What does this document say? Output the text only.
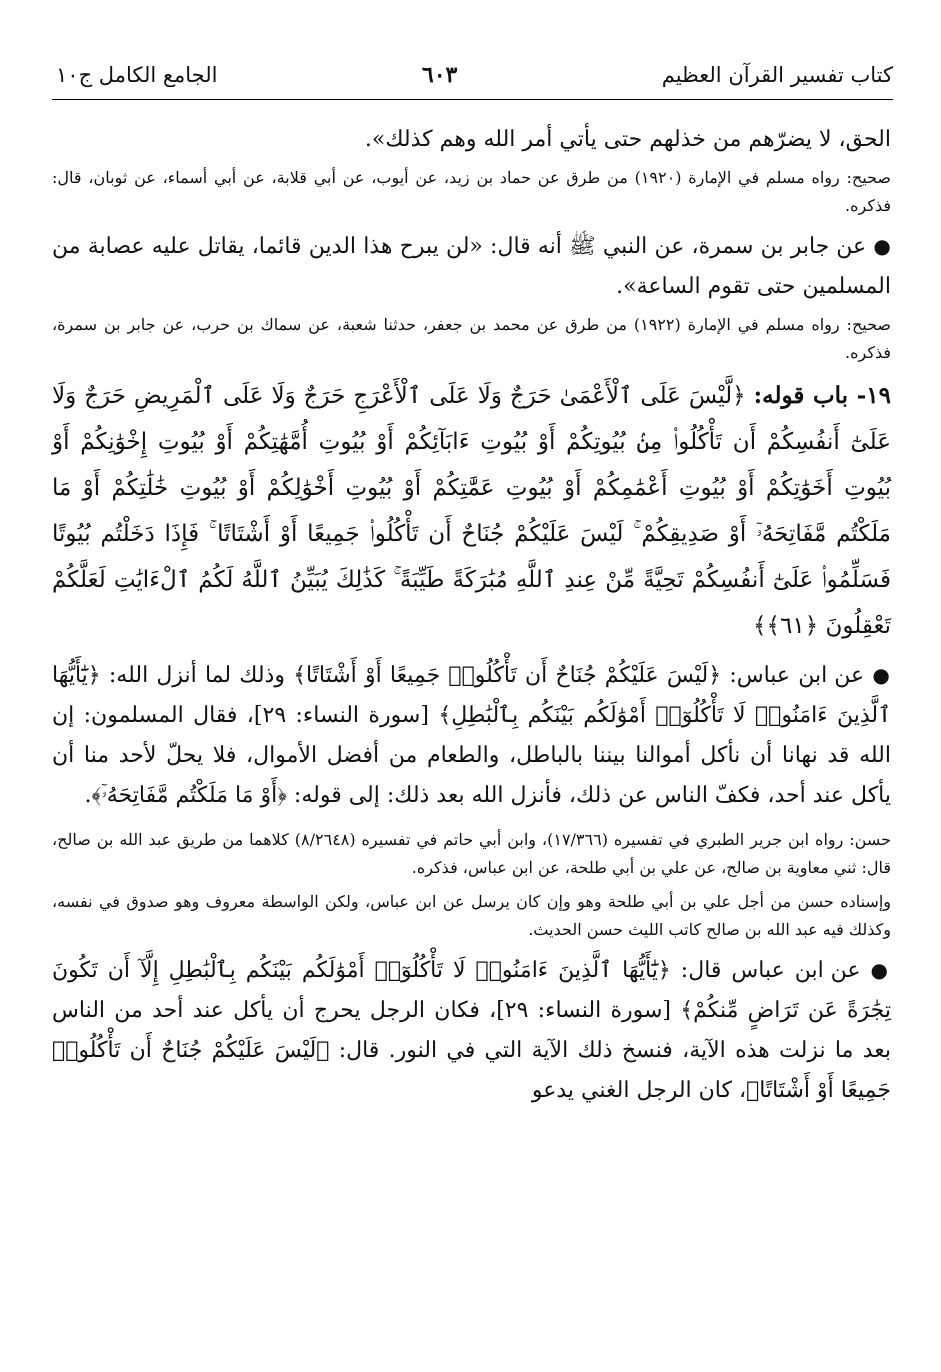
كتاب تفسير القرآن العظيم
٦٠٣
الجامع الكامل ج١٠

الحق، لا يضرّهم من خذلهم حتى يأتي أمر الله وهم كذلك».

صحيح: رواه مسلم في الإمارة (١٩٢٠) من طرق عن حماد بن زيد، عن أيوب، عن أبي قلابة، عن أبي أسماء، عن ثوبان، قال: فذكره.

● عن جابر بن سمرة، عن النبي ﷺ أنه قال: «لن يبرح هذا الدين قائما، يقاتل عليه عصابة من المسلمين حتى تقوم الساعة».

صحيح: رواه مسلم في الإمارة (١٩٢٢) من طرق عن محمد بن جعفر، حدثنا شعبة، عن سماك بن حرب، عن جابر بن سمرة، فذكره.

١٩- باب قوله: ﴿لَّيْسَ عَلَى ٱلْأَعْمَىٰ حَرَجٌ وَلَا عَلَى ٱلْأَعْرَجِ حَرَجٌ وَلَا عَلَى ٱلْمَرِيضِ حَرَجٌ وَلَا عَلَىٰٓ أَنفُسِكُمْ أَن تَأْكُلُوا۟ مِنۢ بُيُوتِكُمْ أَوْ بُيُوتِ ءَابَآئِكُمْ أَوْ بُيُوتِ أُمَّهَٰتِكُمْ أَوْ بُيُوتِ إِخْوَٰنِكُمْ أَوْ بُيُوتِ أَخَوَٰتِكُمْ أَوْ بُيُوتِ أَعْمَٰمِكُمْ أَوْ بُيُوتِ عَمَّٰتِكُمْ أَوْ بُيُوتِ أَخْوَٰلِكُمْ أَوْ بُيُوتِ خَٰلَٰتِكُمْ أَوْ مَا مَلَكْتُم مَّفَاتِحَهُۥٓ أَوْ صَدِيقِكُمْ ۚ لَيْسَ عَلَيْكُمْ جُنَاحٌ أَن تَأْكُلُوا۟ جَمِيعًا أَوْ أَشْتَاتًا ۚ فَإِذَا دَخَلْتُم بُيُوتًا فَسَلِّمُوا۟ عَلَىٰٓ أَنفُسِكُمْ تَحِيَّةً مِّنْ عِندِ ٱللَّهِ مُبَٰرَكَةً طَيِّبَةً ۚ كَذَٰلِكَ يُبَيِّنُ ٱللَّهُ لَكُمُ ٱلْءَايَٰتِ لَعَلَّكُمْ تَعْقِلُونَ ﴿٦١﴾﴾

● عن ابن عباس: ﴿لَيْسَ عَلَيْكُمْ جُنَاحٌ أَن تَأْكُلُوا۟ جَمِيعًا أَوْ أَشْتَاتًا﴾ وذلك لما أنزل الله: ﴿يَٰٓأَيُّهَا ٱلَّذِينَ ءَامَنُوا۟ لَا تَأْكُلُوٓا۟ أَمْوَٰلَكُم بَيْنَكُم بِٱلْبَٰطِلِ﴾ [سورة النساء: ٢٩]، فقال المسلمون: إن الله قد نهانا أن نأكل أموالنا بيننا بالباطل، والطعام من أفضل الأموال، فلا يحلّ لأحد منا أن يأكل عند أحد، فكفّ الناس عن ذلك، فأنزل الله بعد ذلك: إلى قوله: ﴿أَوْ مَا مَلَكْتُم مَّفَاتِحَهُۥٓ﴾.

حسن: رواه ابن جرير الطبري في تفسيره (١٧/٣٦٦)، وابن أبي حاتم في تفسيره (٨/٢٦٤٨) كلاهما من طريق عبد الله بن صالح، قال: ثني معاوية بن صالح، عن علي بن أبي طلحة، عن ابن عباس، فذكره.

وإسناده حسن من أجل علي بن أبي طلحة وهو وإن كان يرسل عن ابن عباس، ولكن الواسطة معروف وهو صدوق في نفسه، وكذلك فيه عبد الله بن صالح كاتب الليث حسن الحديث.

● عن ابن عباس قال: ﴿يَٰٓأَيُّهَا ٱلَّذِينَ ءَامَنُوا۟ لَا تَأْكُلُوٓا۟ أَمْوَٰلَكُم بَيْنَكُم بِٱلْبَٰطِلِ إِلَّآ أَن تَكُونَ تِجَٰرَةً عَن تَرَاضٍ مِّنكُمْ﴾ [سورة النساء: ٢٩]، فكان الرجل يحرج أن يأكل عند أحد من الناس بعد ما نزلت هذه الآية، فنسخ ذلك الآية التي في النور. قال: ﴿لَيْسَ عَلَيْكُمْ جُنَاحٌ أَن تَأْكُلُوا۟ جَمِيعًا أَوْ أَشْتَاتًا﴾، كان الرجل الغني يدعو
